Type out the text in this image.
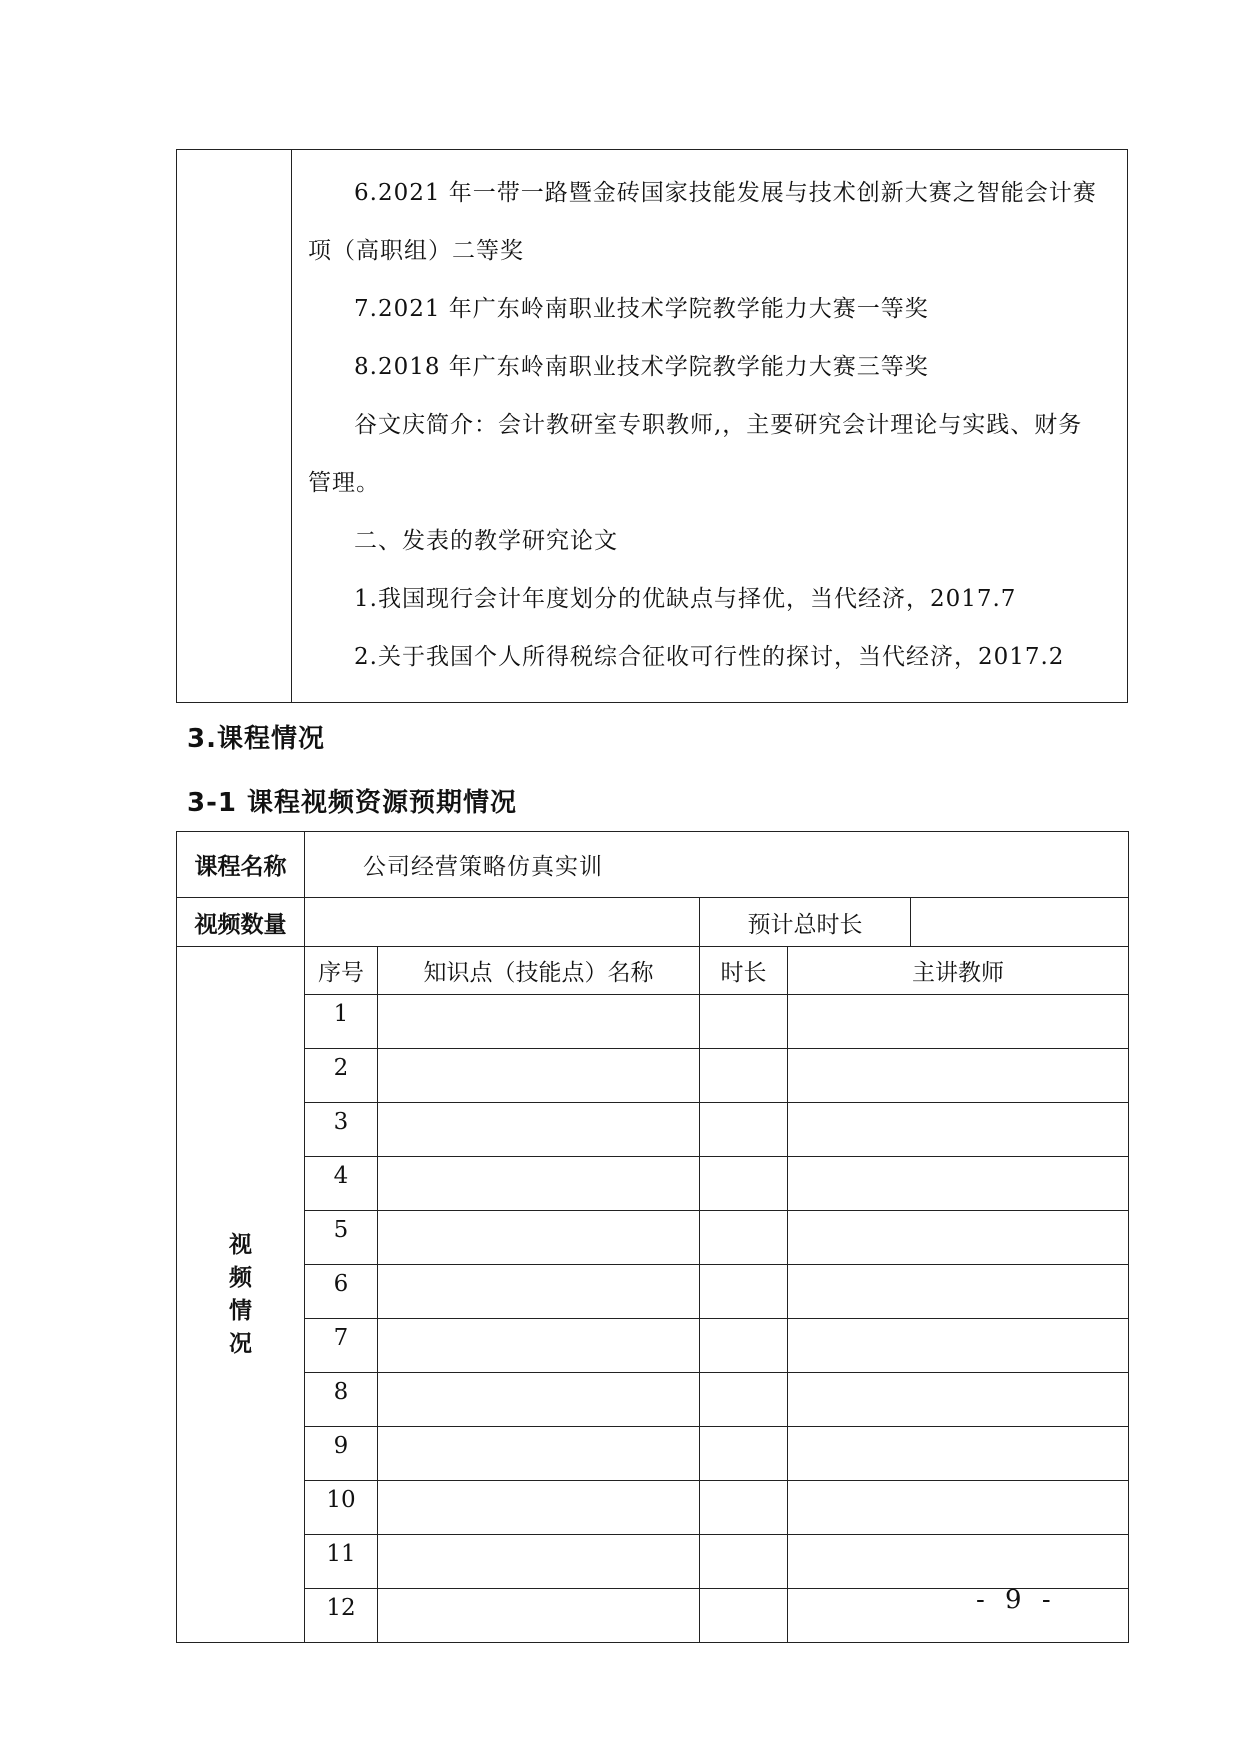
6.2021 年一带一路暨金砖国家技能发展与技术创新大赛之智能会计赛

项（高职组）二等奖

7.2021 年广东岭南职业技术学院教学能力大赛一等奖

8.2018 年广东岭南职业技术学院教学能力大赛三等奖

谷文庆简介：会计教研室专职教师,，主要研究会计理论与实践、财务

管理。

二、发表的教学研究论文

1.我国现行会计年度划分的优缺点与择优，当代经济，2017.7

2.关于我国个人所得税综合征收可行性的探讨，当代经济，2017.2

3.课程情况
3-1 课程视频资源预期情况
课程名称	公司经营策略仿真实训			
视频数量			预计总时长	

视
频
情
况	序号	知识点（技能点）名称	时长	主讲教师
	1			
	2			
	3			
	4			
	5			
	6			
	7			
	8			
	9			
	10			
	11			
	12				- 9 -
